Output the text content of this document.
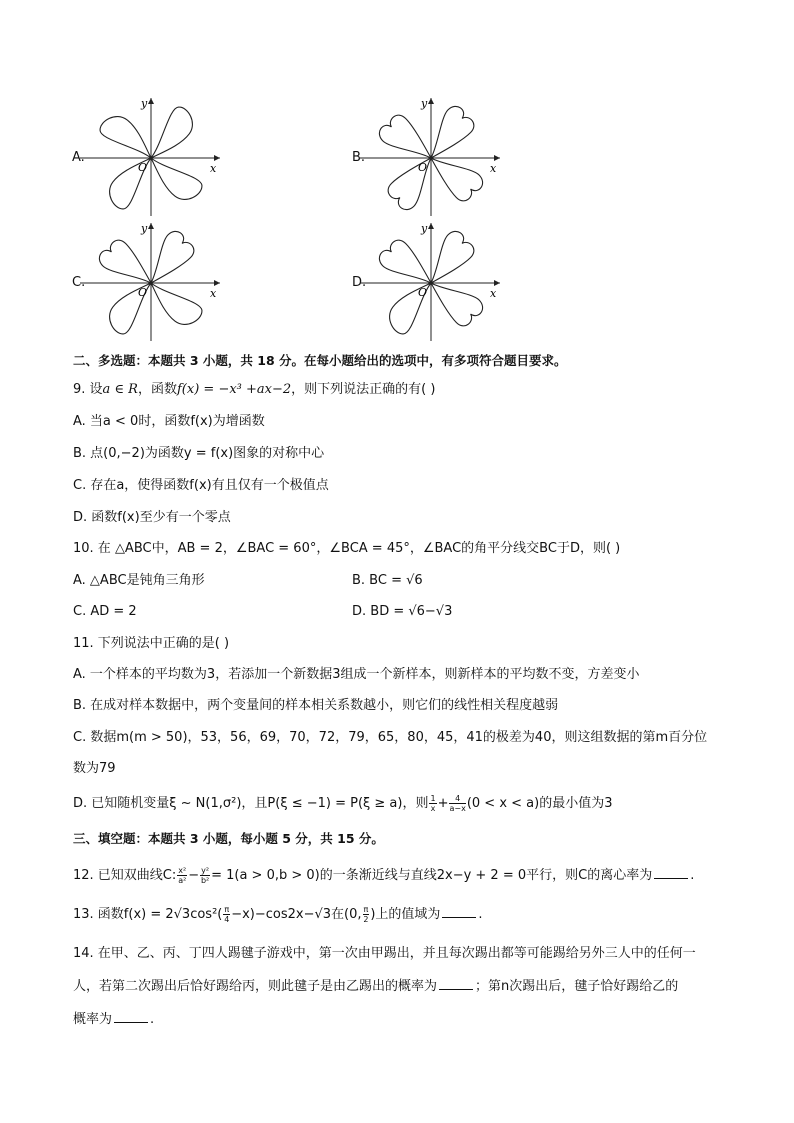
A.
x
y
O
B.
x
y
O
C.
x
y
O
D.
x
y
O
二、多选题：本题共 3 小题，共 18 分。在每小题给出的选项中，有多项符合题目要求。
9. 设a ∈ R，函数f(x) = −x³ +ax−2，则下列说法正确的有( )
A. 当a < 0时，函数f(x)为增函数
B. 点(0,−2)为函数y = f(x)图象的对称中心
C. 存在a，使得函数f(x)有且仅有一个极值点
D. 函数f(x)至少有一个零点
10. 在 △ABC中，AB = 2，∠BAC = 60°，∠BCA = 45°，∠BAC的角平分线交BC于D，则( )
A. △ABC是钝角三角形	B. BC = √6
C. AD = 2	D. BD = √6−√3
11. 下列说法中正确的是( )
A. 一个样本的平均数为3，若添加一个新数据3组成一个新样本，则新样本的平均数不变，方差变小
B. 在成对样本数据中，两个变量间的样本相关系数越小，则它们的线性相关程度越弱
C. 数据m(m > 50)，53，56，69，70，72，79，65，80，45，41的极差为40，则这组数据的第m百分位
数为79
D. 已知随机变量ξ ~ N(1,σ²)，且P(ξ ≤ −1) = P(ξ ≥ a)，则 $\frac{1}{x} + \frac{4}{a-x} (0 < x < a)$的最小值为3
三、填空题：本题共 3 小题，每小题 5 分，共 15 分。
12. 已知双曲线C: $\frac{\text{x²}}{\text{a²}} - \frac{\text{y²}}{\text{b²}} = 1(a > 0,b > 0)$的一条渐近线与直线2x−y + 2 = 0平行，则C的离心率为	.
13. 函数$f(x) = 2√3\cos^2( \frac{\pi}{4} -x)-\cos 2x-√3$在(0, $\frac{\pi}{2}$ )上的值域为	.
14. 在甲、乙、丙、丁四人踢毽子游戏中，第一次由甲踢出，并且每次踢出都等可能踢给另外三人中的任何一
人，若第二次踢出后恰好踢给丙，则此毽子是由乙踢出的概率为	；第n次踢出后，毽子恰好踢给乙的
概率为	.
